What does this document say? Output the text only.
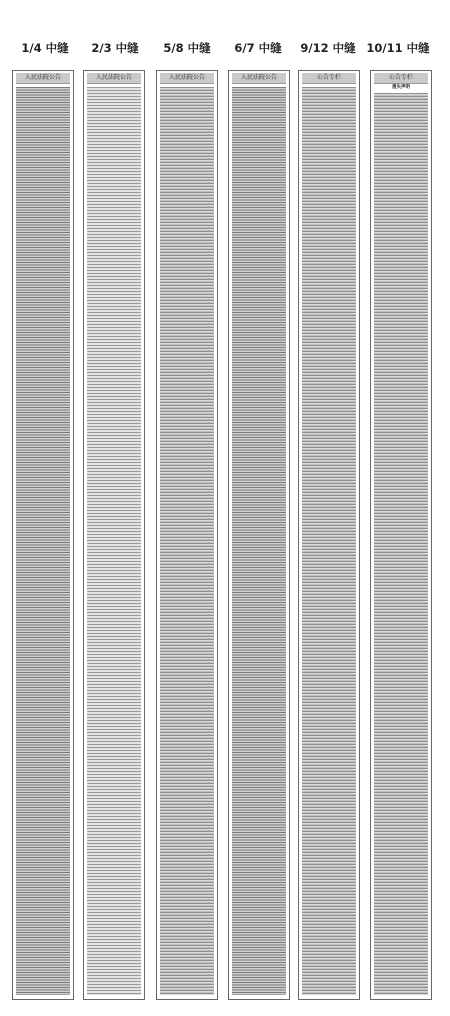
1/4 中缝
人民法院公告
2/3 中缝
人民法院公告
5/8 中缝
人民法院公告
6/7 中缝
人民法院公告
9/12 中缝
公告专栏
10/11 中缝
公告专栏
遗失声明
